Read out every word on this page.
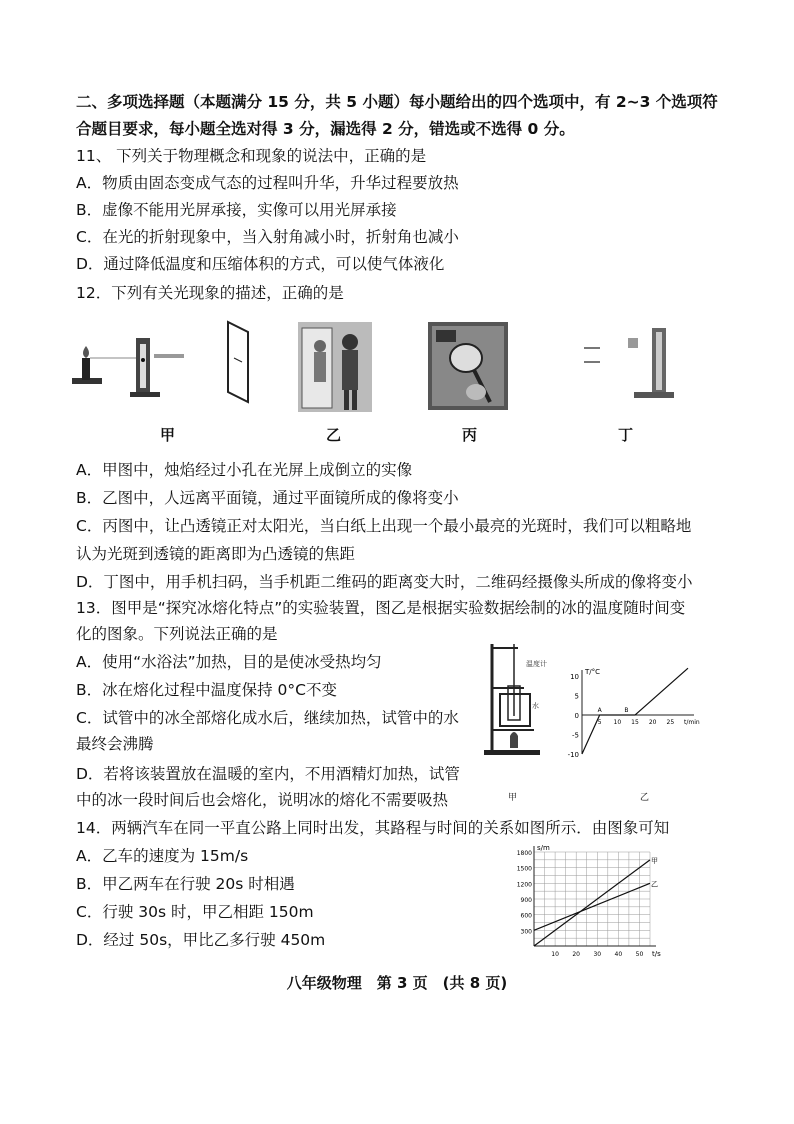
二、多项选择题（本题满分 15 分，共 5 小题）每小题给出的四个选项中，有 2~3 个选项符
合题目要求，每小题全选对得 3 分，漏选得 2 分，错选或不选得 0 分。
11、 下列关于物理概念和现象的说法中，正确的是
A．物质由固态变成气态的过程叫升华，升华过程要放热
B．虚像不能用光屏承接，实像可以用光屏承接
C．在光的折射现象中，当入射角减小时，折射角也减小
D．通过降低温度和压缩体积的方式，可以使气体液化
12．下列有关光现象的描述，正确的是
甲	乙	丙	丁
A．甲图中，烛焰经过小孔在光屏上成倒立的实像
B．乙图中，人远离平面镜，通过平面镜所成的像将变小
C．丙图中，让凸透镜正对太阳光，当白纸上出现一个最小最亮的光斑时，我们可以粗略地
认为光斑到透镜的距离即为凸透镜的焦距
D．丁图中，用手机扫码，当手机距二维码的距离变大时，二维码经摄像头所成的像将变小
13．图甲是“探究冰熔化特点”的实验装置，图乙是根据实验数据绘制的冰的温度随时间变
化的图象。下列说法正确的是
A．使用“水浴法”加热，目的是使冰受热均匀
B．冰在熔化过程中温度保持 0°C不变
C．试管中的冰全部熔化成水后，继续加热，试管中的水
最终会沸腾
D．若将该装置放在温暖的室内，不用酒精灯加热，试管
中的冰一段时间后也会熔化，说明冰的熔化不需要吸热
温度计
水
甲
T/°C
t/min
-10
-5
5
10
0
5 10 15 20 25
A	B
乙
14．两辆汽车在同一平直公路上同时出发，其路程与时间的关系如图所示．由图象可知
A．乙车的速度为 15m/s
B．甲乙两车在行驶 20s 时相遇
C．行驶 30s 时，甲乙相距 150m
D．经过 50s，甲比乙多行驶 450m
s/m
t/s
300
600
900
1200
1500
1800
10 20 30 40 50
甲
乙
八年级物理　第 3 页　(共 8 页)
